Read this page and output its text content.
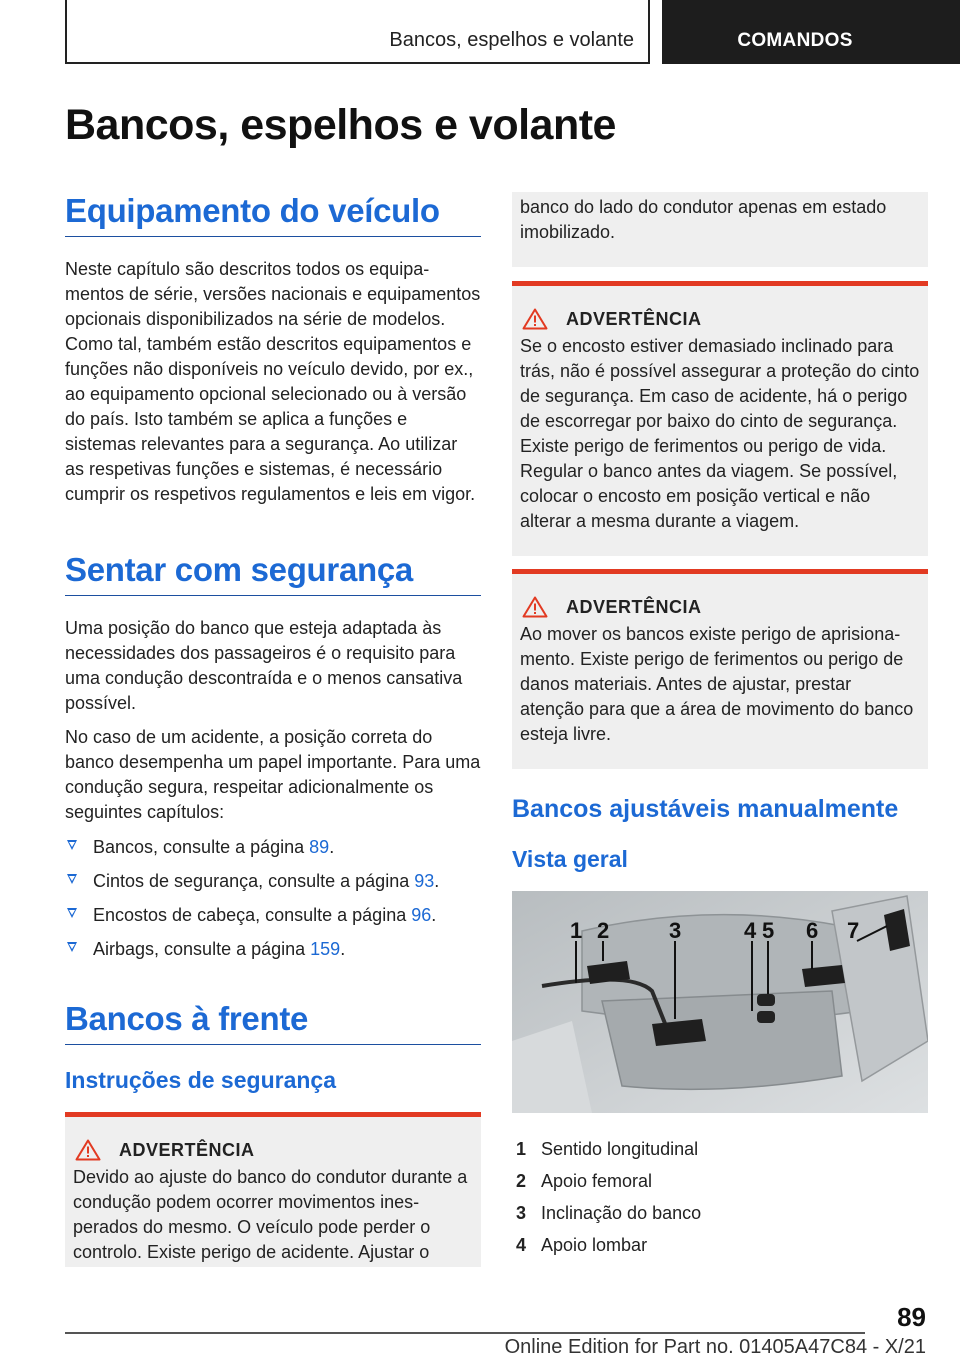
Bancos, espelhos e volante	COMANDOS
Bancos, espelhos e volante
Equipamento do veículo

Neste capítulo são descritos todos os equipamentos de série, versões nacionais e equipamentos opcionais disponibilizados na série de modelos. Como tal, também estão descritos equipamentos e funções não disponíveis no veículo devido, por ex., ao equipamento opcional selecionado ou à versão do país. Isto também se aplica a funções e sistemas relevantes para a segurança. Ao utilizar as respetivas funções e sistemas, é necessário cumprir os respetivos regulamentos e leis em vigor.

Sentar com segurança

Uma posição do banco que esteja adaptada às necessidades dos passageiros é o requisito para uma condução descontraída e o menos cansativa possível.

No caso de um acidente, a posição correta do banco desempenha um papel importante. Para uma condução segura, respeitar adicionalmente os seguintes capítulos:

Bancos, consulte a página 89.
Cintos de segurança, consulte a página 93.
Encostos de cabeça, consulte a página 96.
Airbags, consulte a página 159.
Bancos à frente
Instruções de segurança
ADVERTÊNCIA

Devido ao ajuste do banco do condutor durante a condução podem ocorrer movimentos inesperados do mesmo. O veículo pode perder o controlo. Existe perigo de acidente. Ajustar o

banco do lado do condutor apenas em estado imobilizado.

ADVERTÊNCIA

Se o encosto estiver demasiado inclinado para trás, não é possível assegurar a proteção do cinto de segurança. Em caso de acidente, há o perigo de escorregar por baixo do cinto de segurança. Existe perigo de ferimentos ou perigo de vida. Regular o banco antes da viagem. Se possível, colocar o encosto em posição vertical e não alterar a mesma durante a viagem.

ADVERTÊNCIA

Ao mover os bancos existe perigo de aprisionamento. Existe perigo de ferimentos ou perigo de danos materiais. Antes de ajustar, prestar atenção para que a área de movimento do banco esteja livre.

Bancos ajustáveis manualmente
Vista geral
1 2	3	4 5 6 7
1 Sentido longitudinal
2 Apoio femoral
3 Inclinação do banco
4 Apoio lombar
89
Online Edition for Part no. 01405A47C84 - X/21
